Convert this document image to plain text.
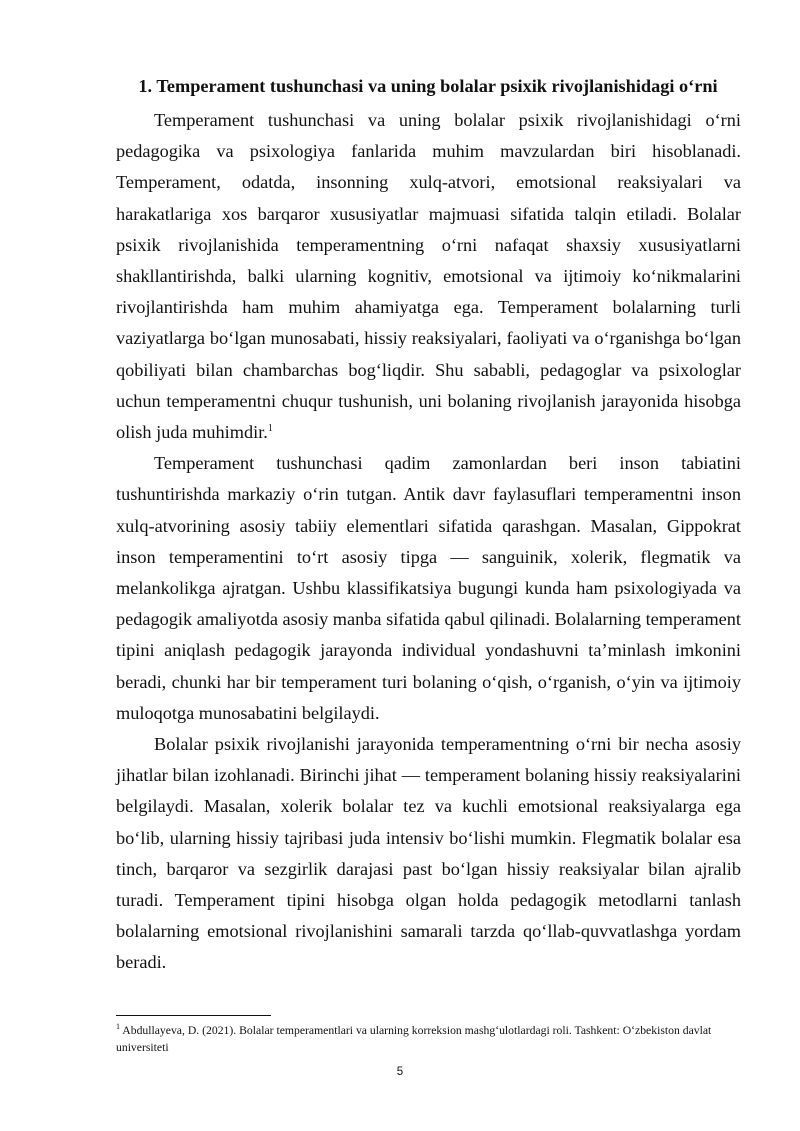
1. Temperament tushunchasi va uning bolalar psixik rivojlanishidagi o‘rni

Temperament tushunchasi va uning bolalar psixik rivojlanishidagi o‘rni pedagogika va psixologiya fanlarida muhim mavzulardan biri hisoblanadi. Temperament, odatda, insonning xulq-atvori, emotsional reaksiyalari va harakatlariga xos barqaror xususiyatlar majmuasi sifatida talqin etiladi. Bolalar psixik rivojlanishida temperamentning o‘rni nafaqat shaxsiy xususiyatlarni shakllantirishda, balki ularning kognitiv, emotsional va ijtimoiy ko‘nikmalarini rivojlantirishda ham muhim ahamiyatga ega. Temperament bolalarning turli vaziyatlarga bo‘lgan munosabati, hissiy reaksiyalari, faoliyati va o‘rganishga bo‘lgan qobiliyati bilan chambarchas bog‘liqdir. Shu sababli, pedagoglar va psixologlar uchun temperamentni chuqur tushunish, uni bolaning rivojlanish jarayonida hisobga olish juda muhimdir.$^1$

Temperament tushunchasi qadim zamonlardan beri inson tabiatini tushuntirishda markaziy o‘rin tutgan. Antik davr faylasuflari temperamentni inson xulq-atvorining asosiy tabiiy elementlari sifatida qarashgan. Masalan, Gippokrat inson temperamentini to‘rt asosiy tipga — sanguinik, xolerik, flegmatik va melankolikga ajratgan. Ushbu klassifikatsiya bugungi kunda ham psixologiyada va pedagogik amaliyotda asosiy manba sifatida qabul qilinadi. Bolalarning temperament tipini aniqlash pedagogik jarayonda individual yondashuvni ta’minlash imkonini beradi, chunki har bir temperament turi bolaning o‘qish, o‘rganish, o‘yin va ijtimoiy muloqotga munosabatini belgilaydi.

Bolalar psixik rivojlanishi jarayonida temperamentning o‘rni bir necha asosiy jihatlar bilan izohlanadi. Birinchi jihat — temperament bolaning hissiy reaksiyalarini belgilaydi. Masalan, xolerik bolalar tez va kuchli emotsional reaksiyalarga ega bo‘lib, ularning hissiy tajribasi juda intensiv bo‘lishi mumkin. Flegmatik bolalar esa tinch, barqaror va sezgirlik darajasi past bo‘lgan hissiy reaksiyalar bilan ajralib turadi. Temperament tipini hisobga olgan holda pedagogik metodlarni tanlash bolalarning emotsional rivojlanishini samarali tarzda qo‘llab-quvvatlashga yordam beradi.

$^1$ Abdullayeva, D. (2021). Bolalar temperamentlari va ularning korreksion mashg‘ulotlardagi roli. Tashkent: O‘zbekiston davlat universiteti
5
